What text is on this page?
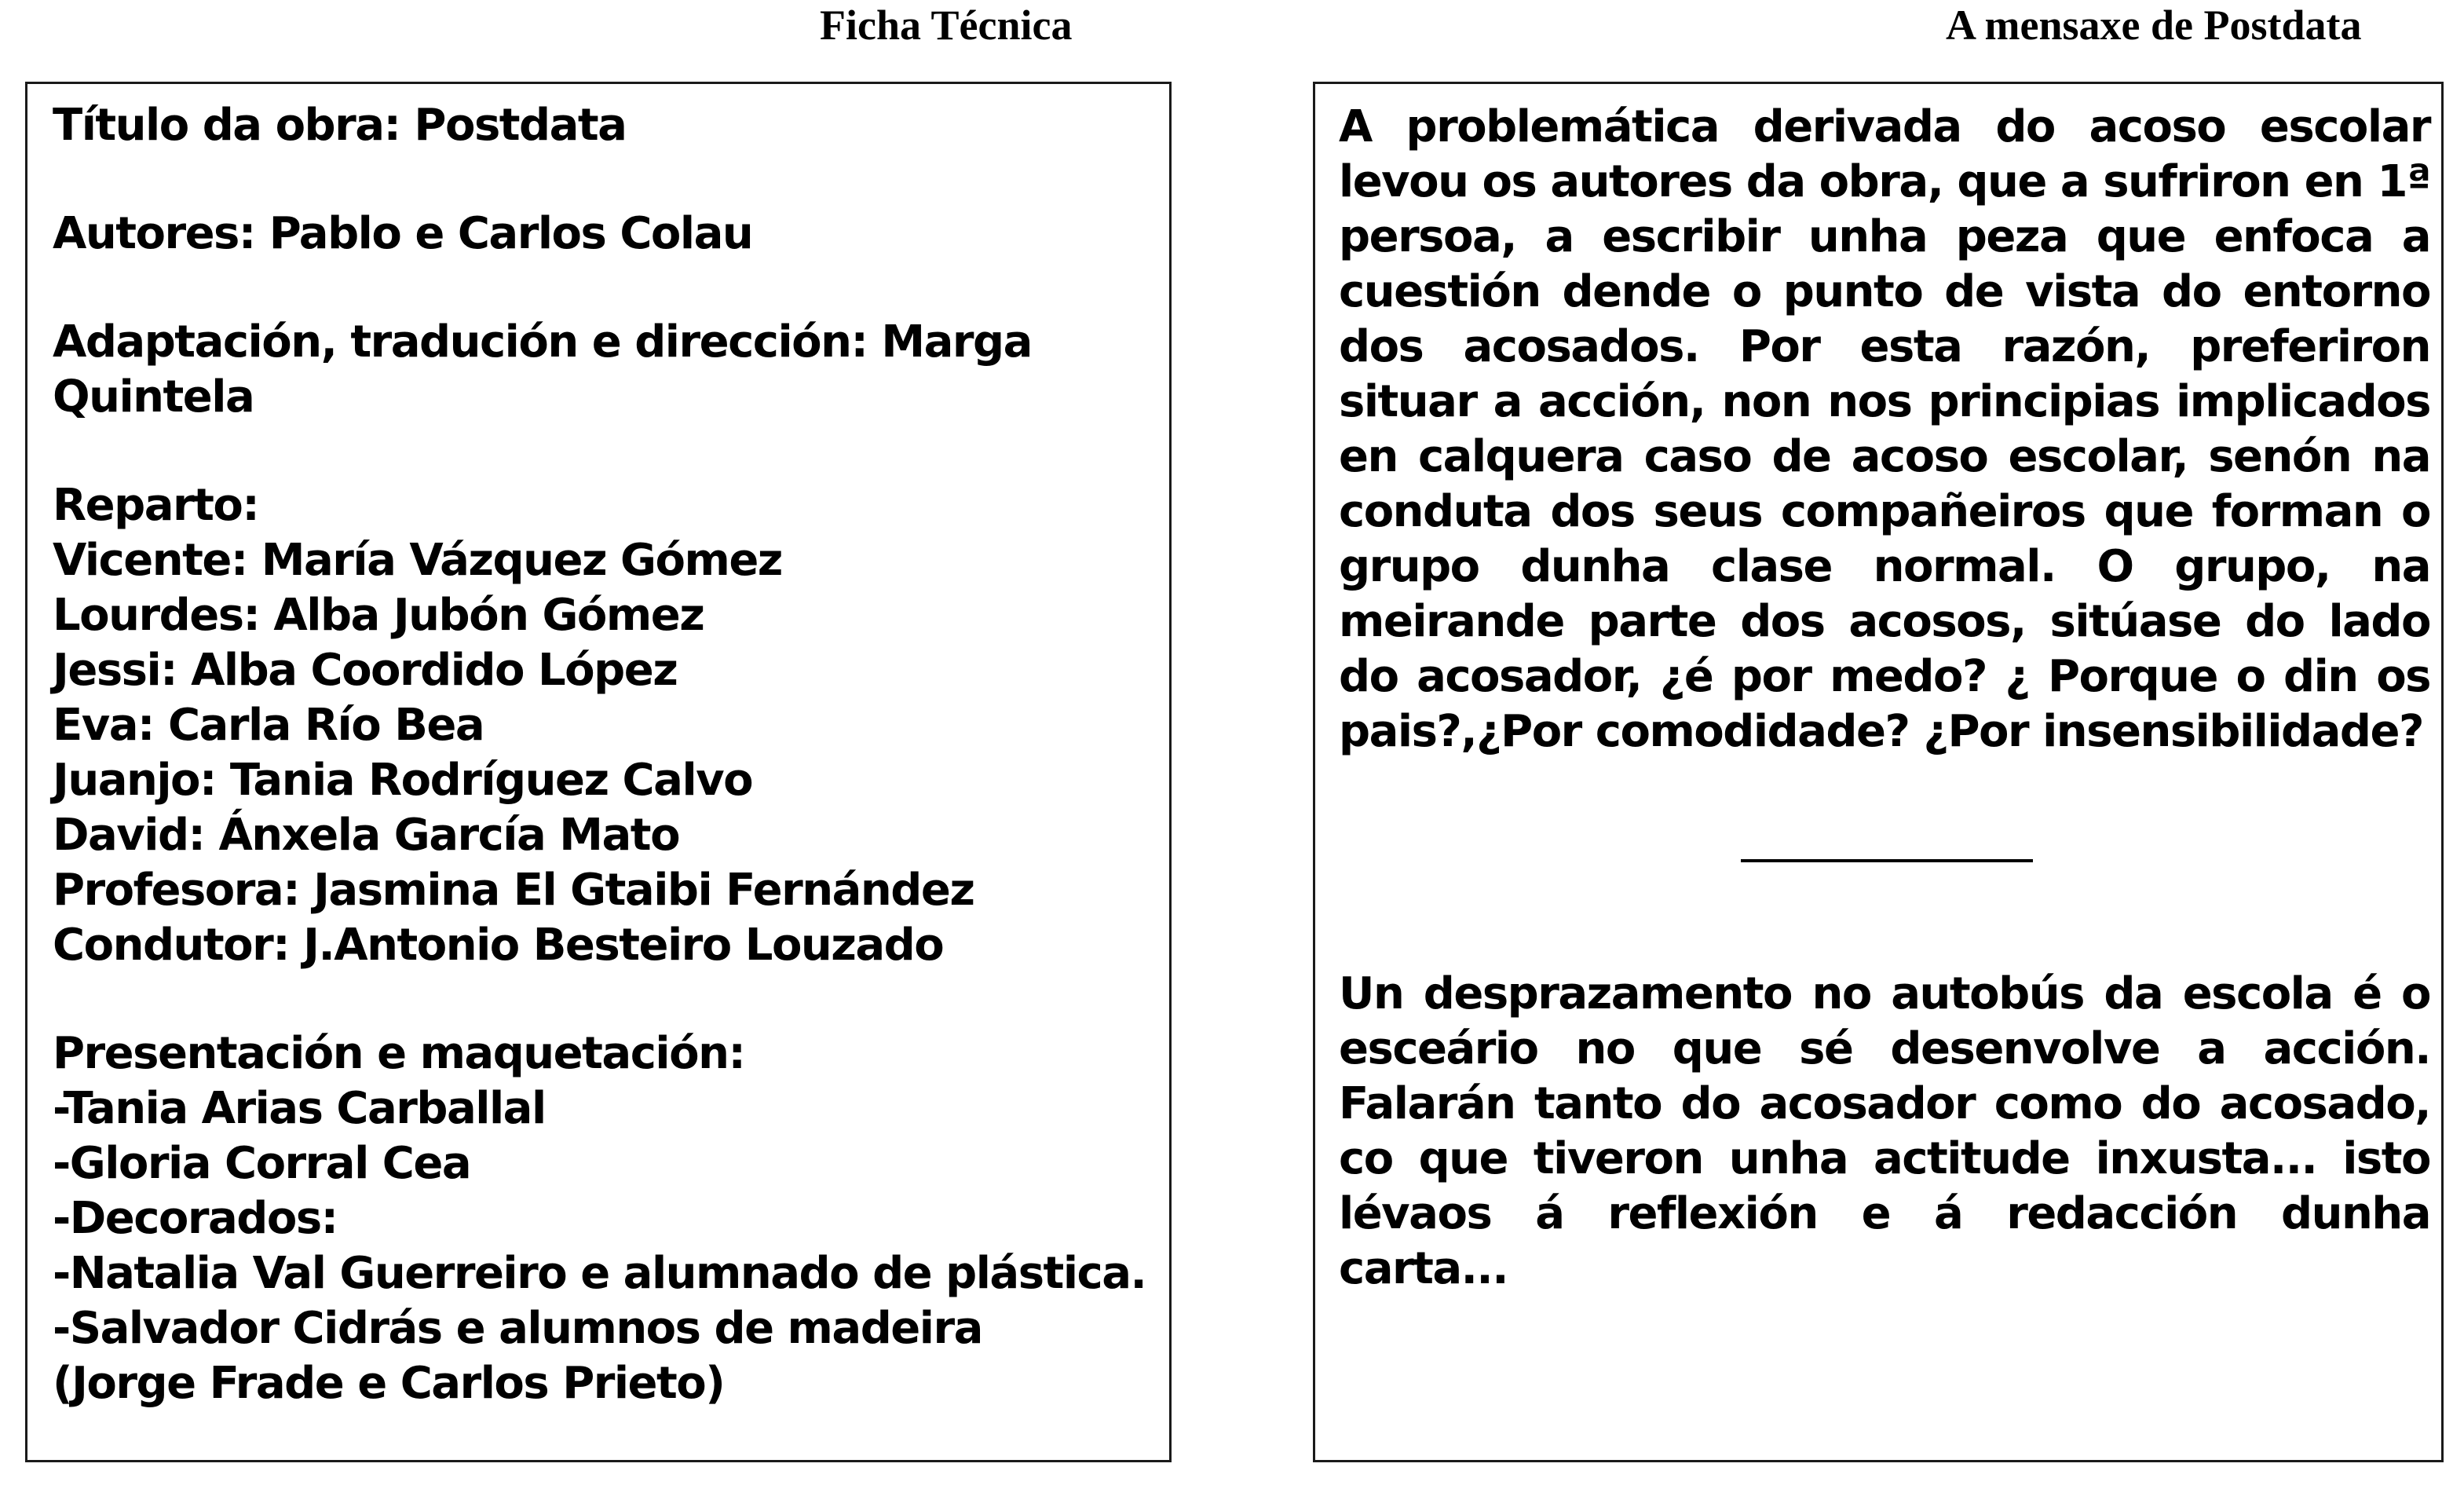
Ficha Técnica	A mensaxe de Postdata
Título da obra: Postdata
Autores: Pablo e Carlos Colau
Adaptación, tradución e dirección: Marga
Quintela
Reparto:
Vicente: María Vázquez Gómez
Lourdes: Alba Jubón Gómez
Jessi: Alba Coordido López
Eva: Carla Río Bea
Juanjo: Tania Rodríguez Calvo
David: Ánxela García Mato
Profesora: Jasmina El Gtaibi Fernández
Condutor: J.Antonio Besteiro Louzado
Presentación e maquetación:
-Tania Arias Carballal
-Gloria Corral Cea
-Decorados:
-Natalia Val Guerreiro e alumnado de plástica.
-Salvador Cidrás e alumnos de madeira
(Jorge Frade e Carlos Prieto)
A problemática derivada do acoso escolar levou os autores da obra, que a sufriron en 1ª persoa, a escribir unha peza que enfoca a cuestión dende o punto de vista do entorno dos acosados. Por esta razón, preferiron situar a acción, non nos principias implicados en calquera caso de acoso escolar, senón na conduta dos seus compañeiros que forman o grupo dunha clase normal. O grupo, na meirande parte dos acosos, sitúase do lado do acosador, ¿é por medo? ¿ Porque o din os pais?,¿Por comodidade? ¿Por insensibilidade?
Un desprazamento no autobús da escola é o esceário no que sé desenvolve a acción. Falarán tanto do acosador como do acosado, co que tiveron unha actitude inxusta... isto lévaos á reflexión e á redacción dunha carta...
